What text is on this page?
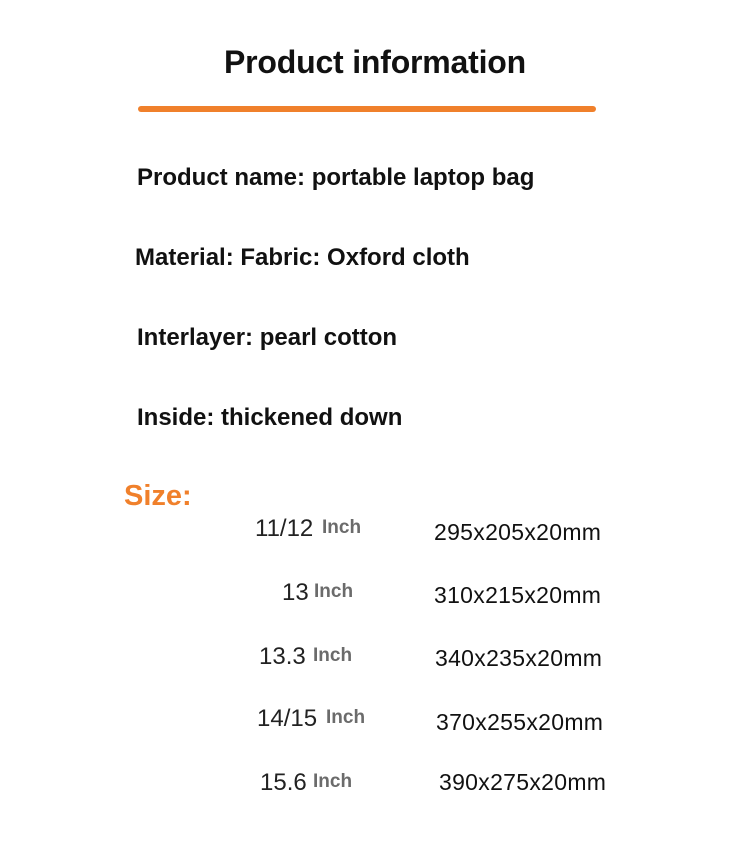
Product information
Product name: portable laptop bag
Material: Fabric: Oxford cloth
Interlayer: pearl cotton
Inside: thickened down
Size:
11/12 Inch	295x205x20mm
13 Inch	310x215x20mm
13.3 Inch	340x235x20mm
14/15 Inch	370x255x20mm
15.6 Inch	390x275x20mm
